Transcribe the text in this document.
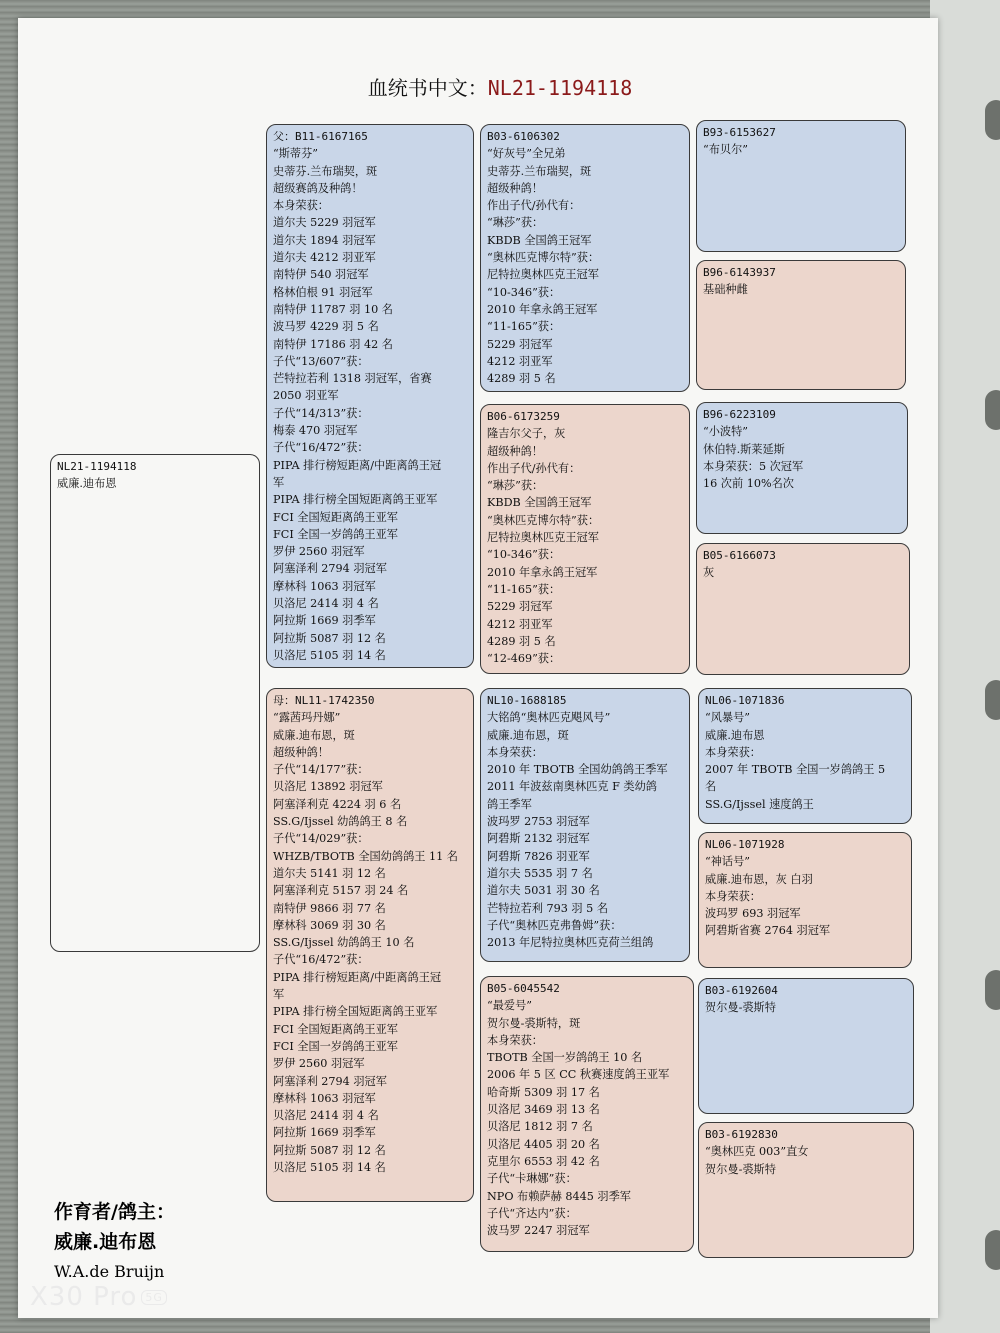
血统书中文：NL21-1194118
NL21-1194118
威廉.迪布恩
父：B11-6167165
“斯蒂芬”
史蒂芬.兰布瑞契，斑
超级赛鸽及种鸽！
本身荣获：
道尔夫 5229 羽冠军
道尔夫 1894 羽冠军
道尔夫 4212 羽亚军
南特伊 540 羽冠军
格林伯根 91 羽冠军
南特伊 11787 羽 10 名
波马罗 4229 羽 5 名
南特伊 17186 羽 42 名
子代“13/607”获：
芒特拉若利 1318 羽冠军，省赛
2050 羽亚军
子代“14/313”获：
梅泰 470 羽冠军
子代“16/472”获：
PIPA 排行榜短距离/中距离鸽王冠
军
PIPA 排行榜全国短距离鸽王亚军
FCI 全国短距离鸽王亚军
FCI 全国一岁鸽鸽王亚军
罗伊 2560 羽冠军
阿塞泽利 2794 羽冠军
摩林科 1063 羽冠军
贝洛尼 2414 羽 4 名
阿拉斯 1669 羽季军
阿拉斯 5087 羽 12 名
贝洛尼 5105 羽 14 名
母：NL11-1742350
“露茜玛丹娜”
威廉.迪布恩，斑
超级种鸽！
子代“14/177”获：
贝洛尼 13892 羽冠军
阿塞泽利克 4224 羽 6 名
SS.G/Ijssel 幼鸽鸽王 8 名
子代“14/029”获：
WHZB/TBOTB 全国幼鸽鸽王 11 名
道尔夫 5141 羽 12 名
阿塞泽利克 5157 羽 24 名
南特伊 9866 羽 77 名
摩林科 3069 羽 30 名
SS.G/Ijssel 幼鸽鸽王 10 名
子代“16/472”获：
PIPA 排行榜短距离/中距离鸽王冠
军
PIPA 排行榜全国短距离鸽王亚军
FCI 全国短距离鸽王亚军
FCI 全国一岁鸽鸽王亚军
罗伊 2560 羽冠军
阿塞泽利 2794 羽冠军
摩林科 1063 羽冠军
贝洛尼 2414 羽 4 名
阿拉斯 1669 羽季军
阿拉斯 5087 羽 12 名
贝洛尼 5105 羽 14 名
B03-6106302
“好灰号”全兄弟
史蒂芬.兰布瑞契，斑
超级种鸽！
作出子代/孙代有：
“琳莎”获：
KBDB 全国鸽王冠军
“奥林匹克博尔特”获：
尼特拉奥林匹克王冠军
“10-346”获：
2010 年拿永鸽王冠军
“11-165”获：
5229 羽冠军
4212 羽亚军
4289 羽 5 名
B06-6173259
隆吉尔父子，灰
超级种鸽！
作出子代/孙代有：
“琳莎”获：
KBDB 全国鸽王冠军
“奥林匹克博尔特”获：
尼特拉奥林匹克王冠军
“10-346”获：
2010 年拿永鸽王冠军
“11-165”获：
5229 羽冠军
4212 羽亚军
4289 羽 5 名
“12-469”获：
NL10-1688185
大铭鸽“奥林匹克飓风号”
威廉.迪布恩，斑
本身荣获：
2010 年 TBOTB 全国幼鸽鸽王季军
2011 年波兹南奥林匹克 F 类幼鸽
鸽王季军
波玛罗 2753 羽冠军
阿碧斯 2132 羽冠军
阿碧斯 7826 羽亚军
道尔夫 5535 羽 7 名
道尔夫 5031 羽 30 名
芒特拉若利 793 羽 5 名
子代“奥林匹克弗鲁姆”获：
2013 年尼特拉奥林匹克荷兰组鸽
B05-6045542
“最爱号”
贺尔曼-裘斯特，斑
本身荣获：
TBOTB 全国一岁鸽鸽王 10 名
2006 年 5 区 CC 秋赛速度鸽王亚军
哈奇斯 5309 羽 17 名
贝洛尼 3469 羽 13 名
贝洛尼 1812 羽 7 名
贝洛尼 4405 羽 20 名
克里尔 6553 羽 42 名
子代“卡琳娜”获：
NPO 布赖萨赫 8445 羽季军
子代“齐达内”获：
波马罗 2247 羽冠军
B93-6153627
“布贝尔”
B96-6143937
基础种雌
B96-6223109
“小波特”
休伯特.斯莱延斯
本身荣获：5 次冠军
16 次前 10%名次
B05-6166073
灰
NL06-1071836
“风暴号”
威廉.迪布恩
本身荣获：
2007 年 TBOTB 全国一岁鸽鸽王 5
名
SS.G/Ijssel 速度鸽王
NL06-1071928
“神话号”
威廉.迪布恩，灰 白羽
本身荣获：
波玛罗 693 羽冠军
阿碧斯省赛 2764 羽冠军
B03-6192604
贺尔曼-裘斯特
B03-6192830
“奥林匹克 003”直女
贺尔曼-裘斯特
作育者/鸽主：
威廉.迪布恩
W.A.de Bruijn
X30 Pro 5G
